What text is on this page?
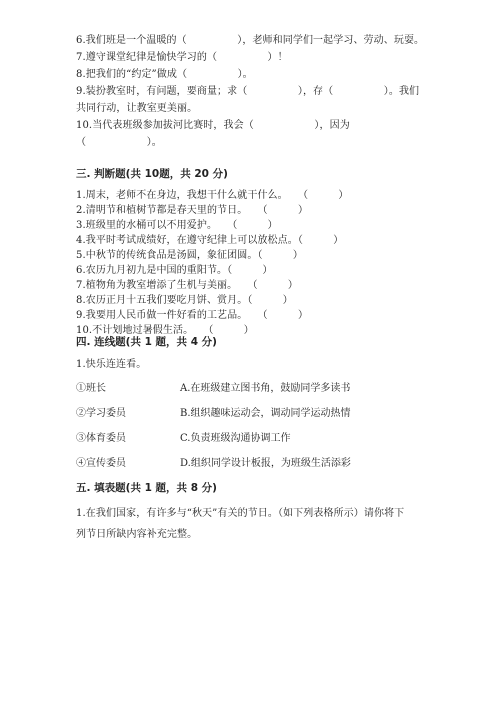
6.我们班是一个温暖的（　　　　　），老师和同学们一起学习、劳动、玩耍。
7.遵守课堂纪律是愉快学习的（　　　　　）！
8.把我们的“约定”做成（　　　　　）。
9.装扮教室时，有问题，要商量；求（　　　　　），存（　　　　　）。我们
共同行动，让教室更美丽。
10.当代表班级参加拔河比赛时，我会（　　　　　　），因为
（　　　　　　）。
三. 判断题(共 10题，共 20 分)
1.周末，老师不在身边，我想干什么就干什么。　　（　　　）
2.清明节和植树节都是春天里的节日。　　（　　　）
3.班级里的水桶可以不用爱护。　　（　　　）
4.我平时考试成绩好，在遵守纪律上可以放松点。（　　　）
5.中秋节的传统食品是汤圆，象征团圆。（　　　）
6.农历九月初九是中国的重阳节。（　　　）
7.植物角为教室增添了生机与美丽。　　（　　　）
8.农历正月十五我们要吃月饼、赏月。（　　　）
9.我要用人民币做一件好看的工艺品。　　（　　　）
10.不计划地过暑假生活。　　（　　　）
四. 连线题(共 1 题，共 4 分)
1.快乐连连看。
①班长	A.在班级建立图书角，鼓励同学多读书
②学习委员	B.组织趣味运动会，调动同学运动热情
③体育委员	C.负责班级沟通协调工作
④宣传委员	D.组织同学设计板报，为班级生活添彩
五. 填表题(共 1 题，共 8 分)
1.在我们国家，有许多与“秋天”有关的节日。（如下列表格所示）请你将下
列节日所缺内容补充完整。
